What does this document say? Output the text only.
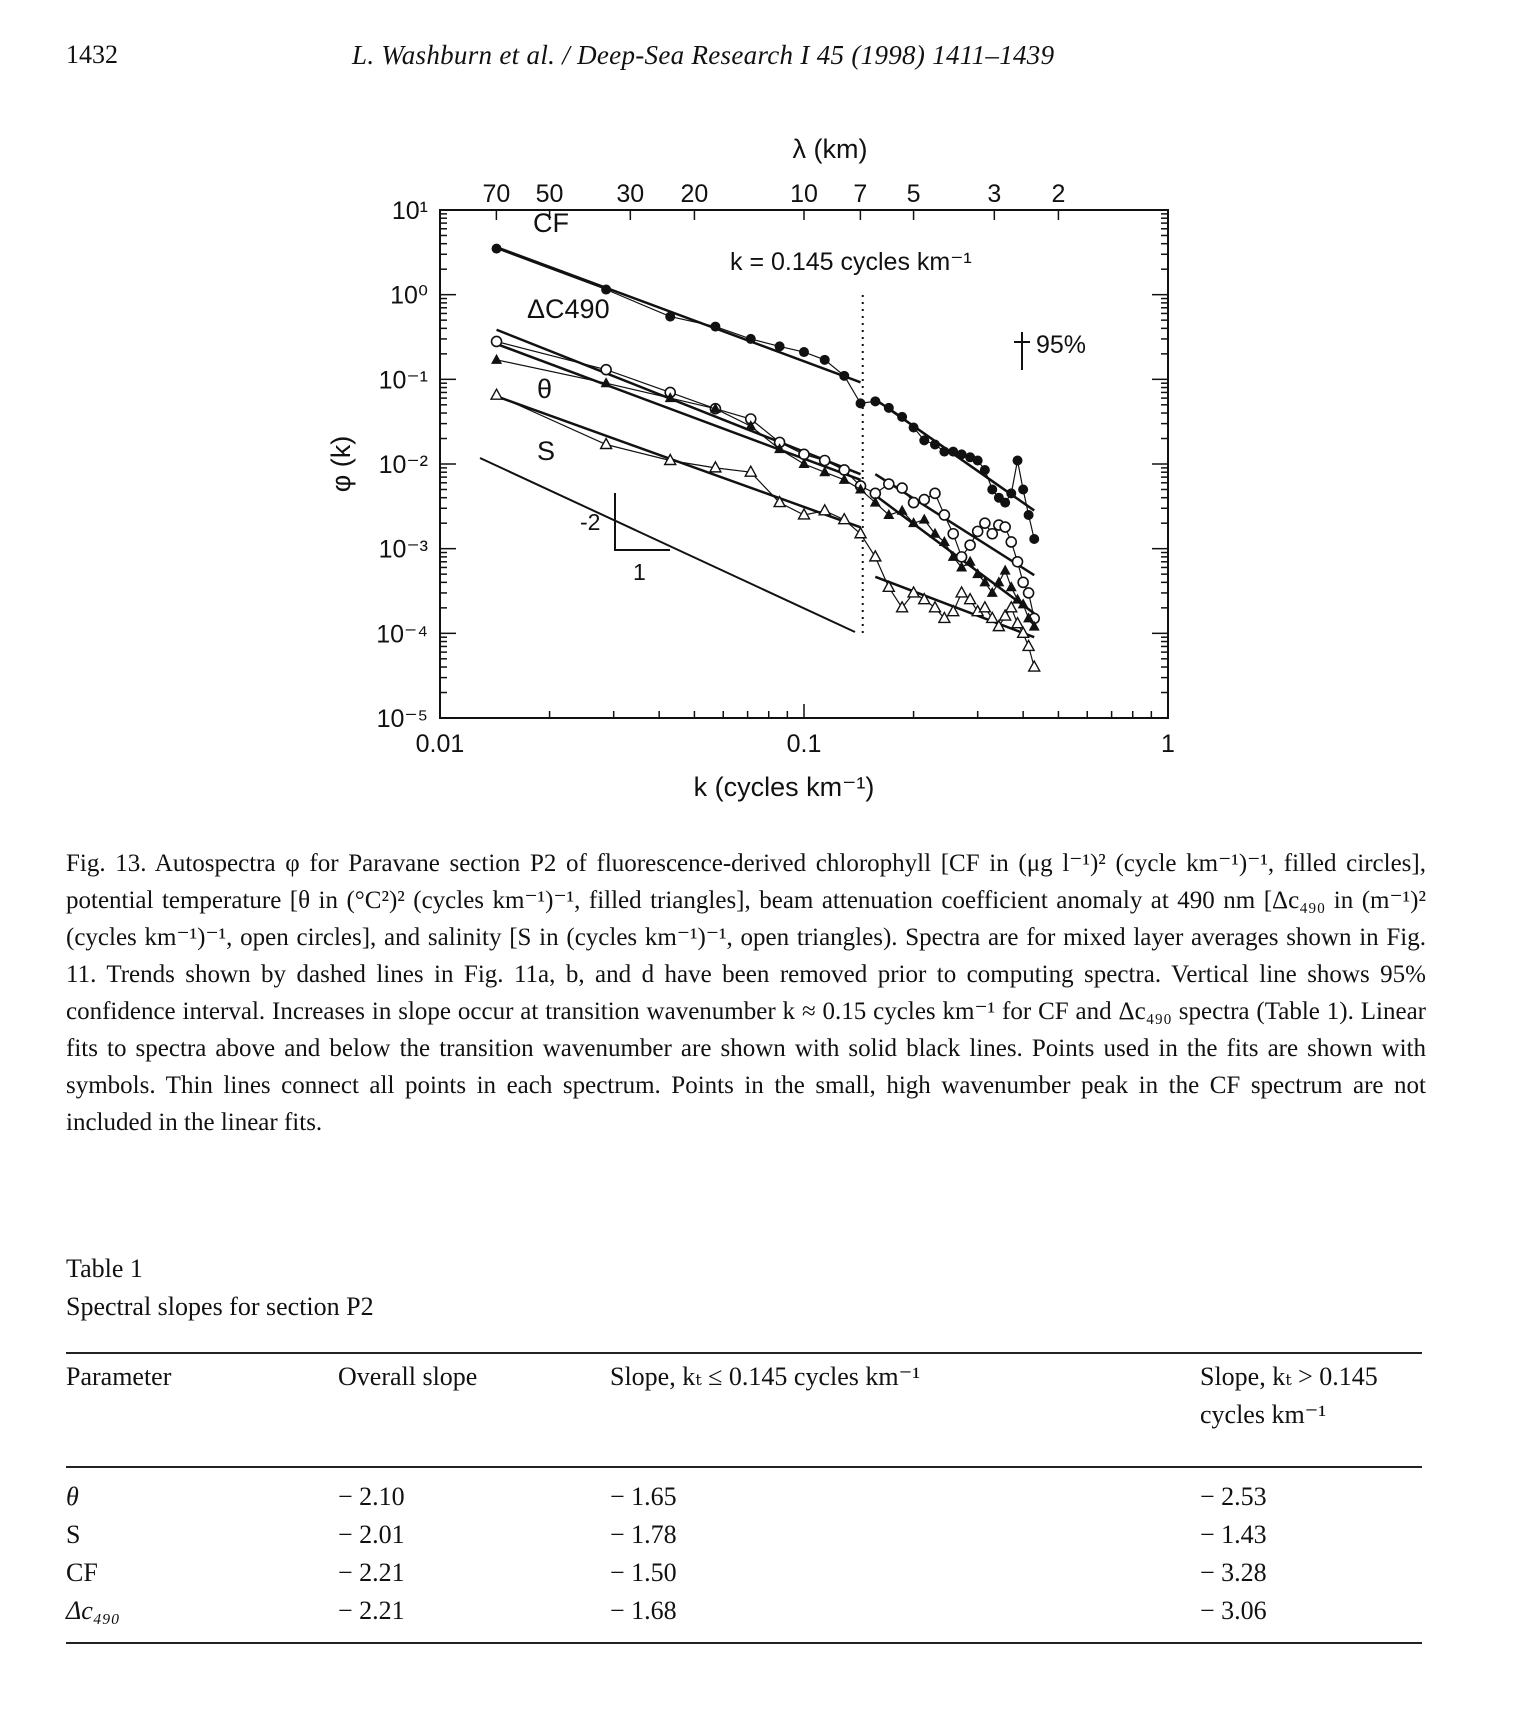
1432	L. Washburn et al. / Deep-Sea Research I 45 (1998) 1411–1439
70 50 30 20	10 7 5	3 2
0.01	0.1	1
10¹
10⁰
10⁻¹
10⁻²
10⁻³
10⁻⁴
10⁻⁵
k (cycles km⁻¹)
λ (km)
φ (k)
k = 0.145 cycles km⁻¹
95%
-2
1
CF
ΔC490
θ
S
Fig. 13. Autospectra φ for Paravane section P2 of fluorescence-derived chlorophyll [CF in (μg l⁻¹)² (cycle km⁻¹)⁻¹, filled circles], potential temperature [θ in (°C²)² (cycles km⁻¹)⁻¹, filled triangles], beam attenuation coefficient anomaly at 490 nm [Δc₄₉₀ in (m⁻¹)² (cycles km⁻¹)⁻¹, open circles], and salinity [S in (cycles km⁻¹)⁻¹, open triangles). Spectra are for mixed layer averages shown in Fig. 11. Trends shown by dashed lines in Fig. 11a, b, and d have been removed prior to computing spectra. Vertical line shows 95% confidence interval. Increases in slope occur at transition wavenumber k ≈ 0.15 cycles km⁻¹ for CF and Δc₄₉₀ spectra (Table 1). Linear fits to spectra above and below the transition wavenumber are shown with solid black lines. Points used in the fits are shown with symbols. Thin lines connect all points in each spectrum. Points in the small, high wavenumber peak in the CF spectrum are not included in the linear fits.
Table 1
Spectral slopes for section P2
Parameter	Overall slope	Slope, kₜ ≤ 0.145 cycles km⁻¹	Slope, kₜ > 0.145 cycles km⁻¹
θ	− 2.10	− 1.65	− 2.53
S	− 2.01	− 1.78	− 1.43
CF	− 2.21	− 1.50	− 3.28
Δc₄₉₀	− 2.21	− 1.68	− 3.06
